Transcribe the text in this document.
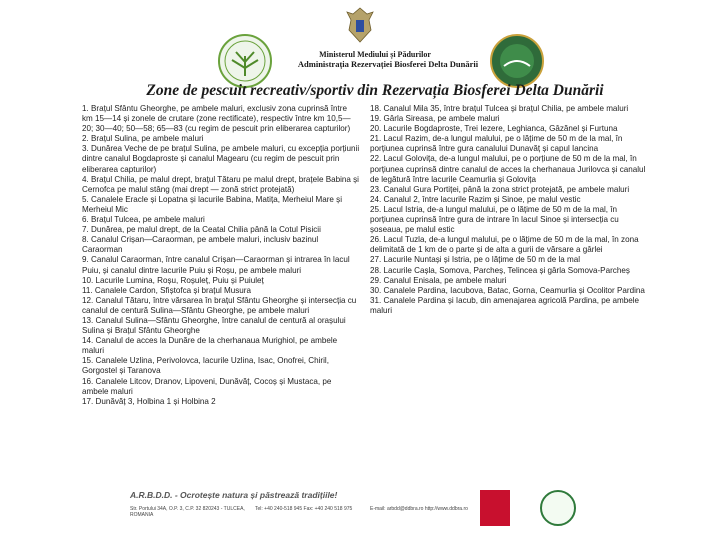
Ministerul Mediului și Pădurilor
Administrația Rezervației Biosferei Delta Dunării
Zone de pescuit recreativ/sportiv din Rezervația Biosferei Delta Dunării

1. Brațul Sfântu Gheorghe, pe ambele maluri, exclusiv zona cuprinsă între km 15—14 și zonele de crutare (zone rectificate), respectiv între km 10,5—20; 30—40; 50—58; 65—83 (cu regim de pescuit prin eliberarea capturilor)

2. Brațul Sulina, pe ambele maluri

3. Dunărea Veche de pe brațul Sulina, pe ambele maluri, cu excepția porțiunii dintre canalul Bogdaproste și canalul Magearu (cu regim de pescuit prin eliberarea capturilor)

4. Brațul Chilia, pe malul drept, brațul Tătaru pe malul drept, brațele Babina și Cernofca pe malul stâng (mai drept — zonă strict protejată)

5. Canalele Eracle și Lopatna și lacurile Babina, Matița, Merheiul Mare și Merheiul Mic

6. Brațul Tulcea, pe ambele maluri

7. Dunărea, pe malul drept, de la Ceatal Chilia până la Cotul Pisicii

8. Canalul Crișan—Caraorman, pe ambele maluri, inclusiv bazinul Caraorman

9. Canalul Caraorman, între canalul Crișan—Caraorman și intrarea în lacul Puiu, și canalul dintre lacurile Puiu și Roșu, pe ambele maluri

10. Lacurile Lumina, Roșu, Roșuleț, Puiu și Puiuleț

11. Canalele Cardon, Sfiștofca și brațul Musura

12. Canalul Tătaru, între vărsarea în brațul Sfântu Gheorghe și intersecția cu canalul de centură Sulina—Sfântu Gheorghe, pe ambele maluri

13. Canalul Sulina—Sfântu Gheorghe, între canalul de centură al orașului Sulina și Brațul Sfântu Gheorghe

14. Canalul de acces la Dunăre de la cherhanaua Murighiol, pe ambele maluri

15. Canalele Uzlina, Perivolovca, lacurile Uzlina, Isac, Onofrei, Chiril, Gorgostel și Taranova

16. Canalele Litcov, Dranov, Lipoveni, Dunăvăț, Cocoș și Mustaca, pe ambele maluri

17. Dunăvăț 3, Holbina 1 și Holbina 2

18. Canalul Mila 35, între brațul Tulcea și brațul Chilia, pe ambele maluri

19. Gârla Sireasa, pe ambele maluri

20. Lacurile Bogdaproste, Trei Iezere, Leghianca, Gâzănel și Furtuna

21. Lacul Razim, de-a lungul malului, pe o lățime de 50 m de la mal, în porțiunea cuprinsă între gura canalului Dunavăț și capul Iancina

22. Lacul Golovița, de-a lungul malului, pe o porțiune de 50 m de la mal, în porțiunea cuprinsă dintre canalul de acces la cherhanaua Jurilovca și canalul de legătură între lacurile Ceamurlia și Golovița

23. Canalul Gura Portiței, până la zona strict protejată, pe ambele maluri

24. Canalul 2, între lacurile Razim și Sinoe, pe malul vestic

25. Lacul Istria, de-a lungul malului, pe o lățime de 50 m de la mal, în porțiunea cuprinsă între gura de intrare în lacul Sinoe și intersecția cu șoseaua, pe malul estic

26. Lacul Tuzla, de-a lungul malului, pe o lățime de 50 m de la mal, în zona delimitată de 1 km de o parte și de alta a gurii de vărsare a gârlei

27. Lacurile Nuntași și Istria, pe o lățime de 50 m de la mal

28. Lacurile Cașla, Somova, Parcheș, Telincea și gârla Somova-Parcheș

29. Canalul Enisala, pe ambele maluri

30. Canalele Pardina, Iacubova, Batac, Gorna, Ceamurlia și Ocolitor Pardina

31. Canalele Pardina și Iacub, din amenajarea agricolă Pardina, pe ambele maluri

A.R.B.D.D. - Ocrotește natura și păstrează tradițiile!
Str. Portului 34A, O.P. 3, C.P. 32 820243 - TULCEA, ROMANIA
Tel: +40 240-518 945 Fax: +40 240 518 975	E-mail: arbdd@ddbra.ro http://www.ddbra.ro
